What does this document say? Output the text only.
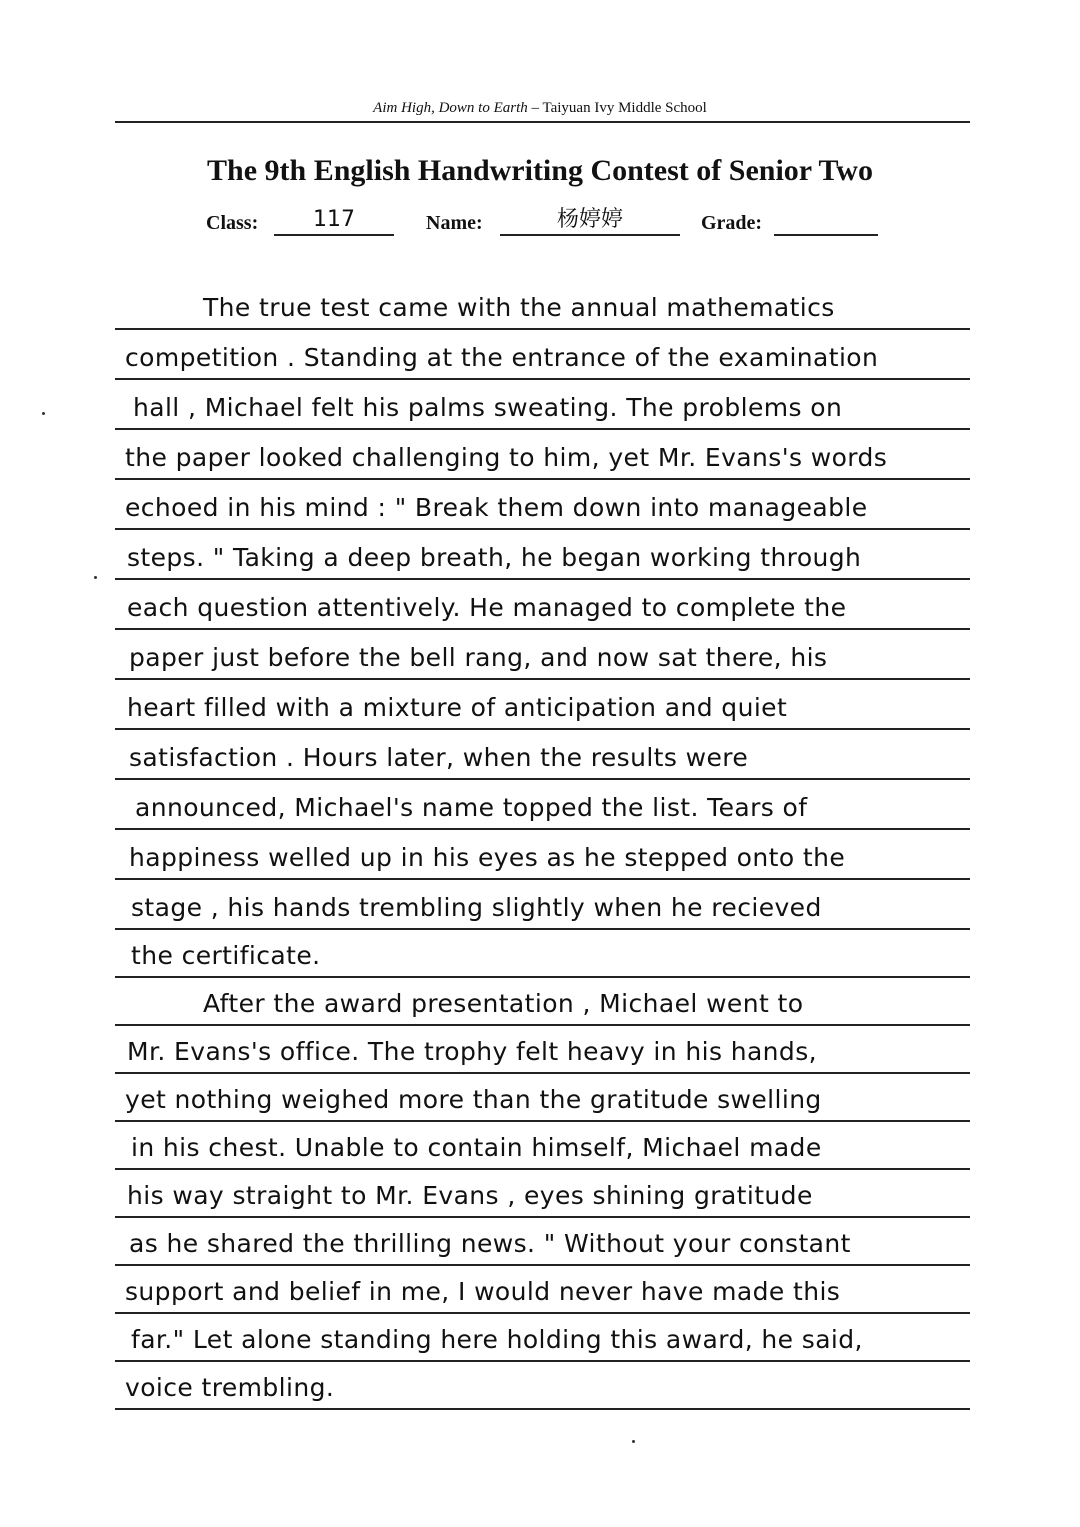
Aim High, Down to Earth – Taiyuan Ivy Middle School
The 9th English Handwriting Contest of Senior Two
Class:	117	Name:	杨婷婷	Grade:
The true test came with the annual mathematics
competition . Standing at the entrance of the examination
hall , Michael felt his palms sweating. The problems on
the paper looked challenging to him, yet Mr. Evans's words
echoed in his mind : " Break them down into manageable
steps. " Taking a deep breath, he began working through
each question attentively. He managed to complete the
paper just before the bell rang, and now sat there, his
heart filled with a mixture of anticipation and quiet
satisfaction . Hours later, when the results were
announced, Michael's name topped the list. Tears of
happiness welled up in his eyes as he stepped onto the
stage , his hands trembling slightly when he recieved
the certificate.
After the award presentation , Michael went to
Mr. Evans's office. The trophy felt heavy in his hands,
yet nothing weighed more than the gratitude swelling
in his chest. Unable to contain himself, Michael made
his way straight to Mr. Evans , eyes shining gratitude
as he shared the thrilling news. " Without your constant
support and belief in me, I would never have made this
far." Let alone standing here holding this award, he said,
voice trembling.
